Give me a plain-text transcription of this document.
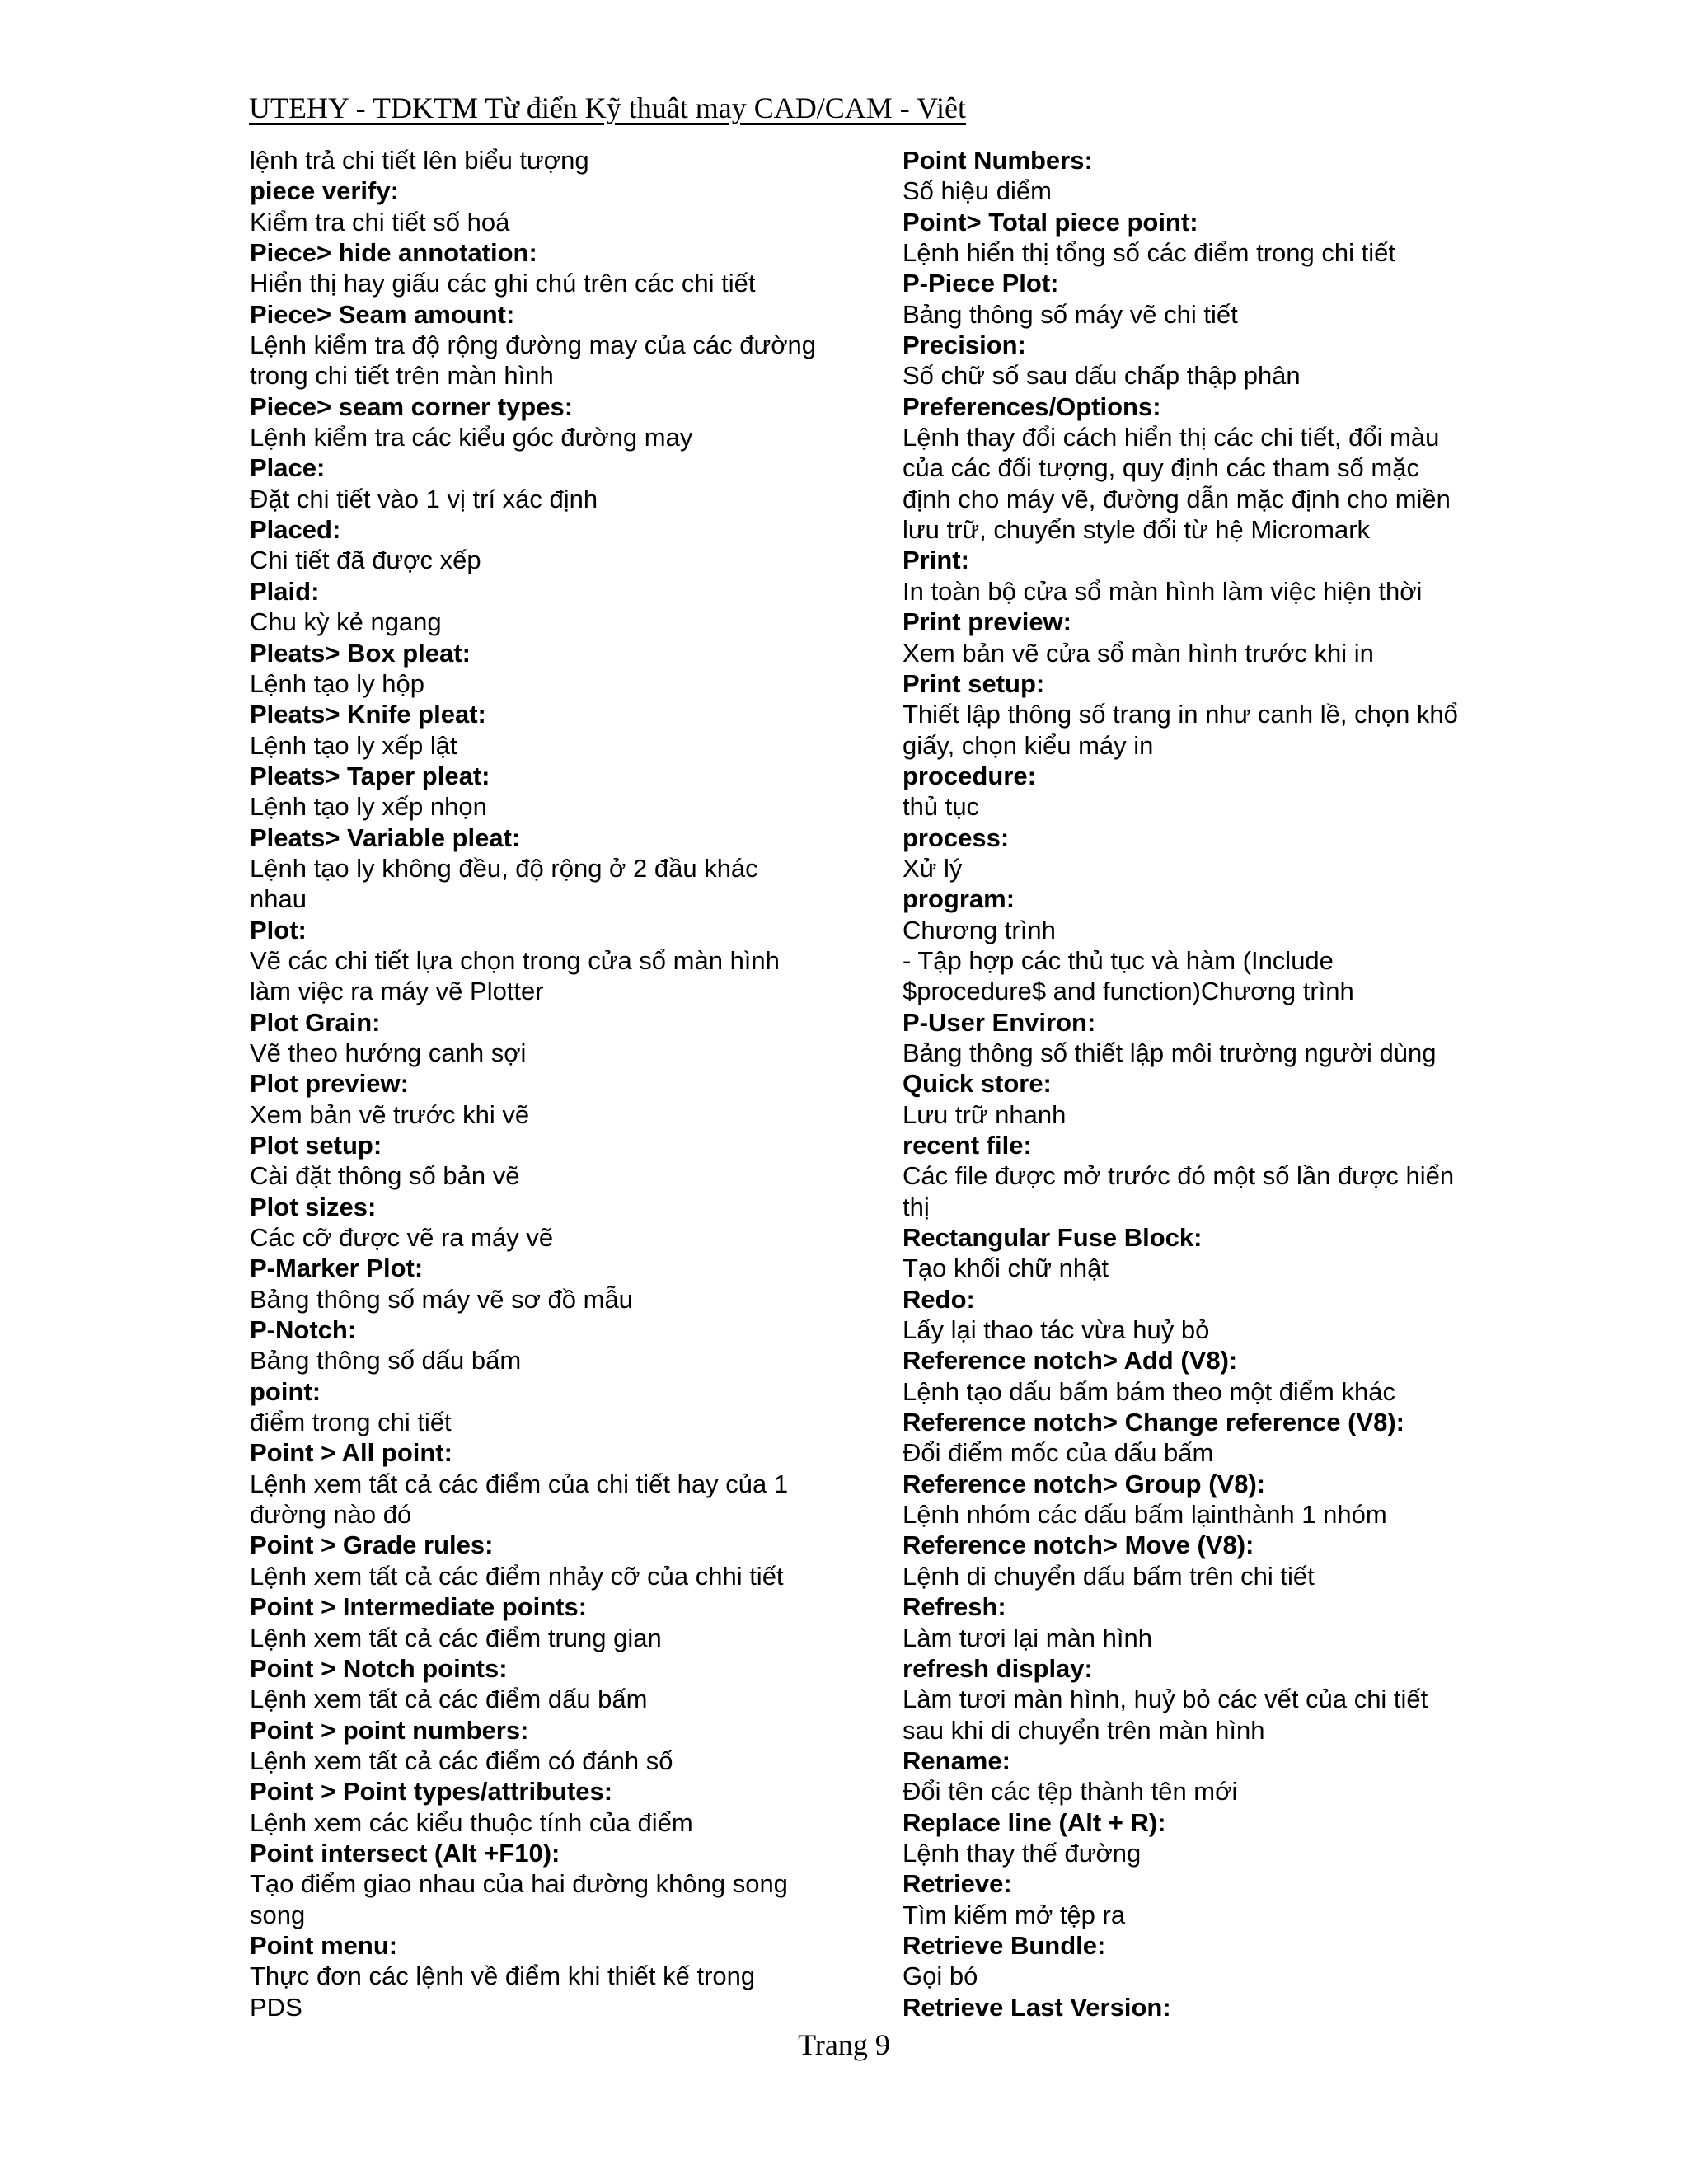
UTEHY - TDKTM Từ điển Kỹ thuât may CAD/CAM - Viêt
lệnh trả chi tiết lên biểu tượng
piece verify:
Kiểm tra chi tiết số hoá
Piece> hide annotation:
Hiển thị hay giấu các ghi chú trên các chi tiết
Piece> Seam amount:
Lệnh kiểm tra độ rộng đường may của các đường
trong chi tiết trên màn hình
Piece> seam corner types:
Lệnh kiểm tra các kiểu góc đường may
Place:
Đặt chi tiết vào 1 vị trí xác định
Placed:
Chi tiết đã được xếp
Plaid:
Chu kỳ kẻ ngang
Pleats> Box pleat:
Lệnh tạo ly hộp
Pleats> Knife pleat:
Lệnh tạo ly xếp lật
Pleats> Taper pleat:
Lệnh tạo ly xếp nhọn
Pleats> Variable pleat:
Lệnh tạo ly không đều, độ rộng ở 2 đầu khác
nhau
Plot:
Vẽ các chi tiết lựa chọn trong cửa sổ màn hình
làm việc ra máy vẽ Plotter
Plot Grain:
Vẽ theo hướng canh sợi
Plot preview:
Xem bản vẽ trước khi vẽ
Plot setup:
Cài đặt thông số bản vẽ
Plot sizes:
Các cỡ được vẽ ra máy vẽ
P-Marker Plot:
Bảng thông số máy vẽ sơ đồ mẫu
P-Notch:
Bảng thông số dấu bấm
point:
điểm trong chi tiết
Point > All point:
Lệnh xem tất cả các điểm của chi tiết hay của 1
đường nào đó
Point > Grade rules:
Lệnh xem tất cả các điểm nhảy cỡ của chhi tiết
Point > Intermediate points:
Lệnh xem tất cả các điểm trung gian
Point > Notch points:
Lệnh xem tất cả các điểm dấu bấm
Point > point numbers:
Lệnh xem tất cả các điểm có đánh số
Point > Point types/attributes:
Lệnh xem các kiểu thuộc tính của điểm
Point intersect (Alt +F10):
Tạo điểm giao nhau của hai đường không song
song
Point menu:
Thực đơn các lệnh về điểm khi thiết kế trong
PDS
Point Numbers:
Số hiệu diểm
Point> Total piece point:
Lệnh hiển thị tổng số các điểm trong chi tiết
P-Piece Plot:
Bảng thông số máy vẽ chi tiết
Precision:
Số chữ số sau dấu chấp thập phân
Preferences/Options:
Lệnh thay đổi cách hiển thị các chi tiết, đổi màu
của các đối tượng, quy định các tham số mặc
định cho máy vẽ, đường dẫn mặc định cho miền
lưu trữ, chuyển style đổi từ hệ Micromark
Print:
In toàn bộ cửa sổ màn hình làm việc hiện thời
Print preview:
Xem bản vẽ cửa sổ màn hình trước khi in
Print setup:
Thiết lập thông số trang in như canh lề, chọn khổ
giấy, chọn kiểu máy in
procedure:
thủ tục
process:
Xử lý
program:
Chương trình
- Tập hợp các thủ tục và hàm (Include
$procedure$ and function)Chương trình
P-User Environ:
Bảng thông số thiết lập môi trường người dùng
Quick store:
Lưu trữ nhanh
recent file:
Các file được mở trước đó một số lần được hiển
thị
Rectangular Fuse Block:
Tạo khối chữ nhật
Redo:
Lấy lại thao tác vừa huỷ bỏ
Reference notch> Add (V8):
Lệnh tạo dấu bấm bám theo một điểm khác
Reference notch> Change reference (V8):
Đổi điểm mốc của dấu bấm
Reference notch> Group (V8):
Lệnh nhóm các dấu bấm lạinthành 1 nhóm
Reference notch> Move (V8):
Lệnh di chuyển dấu bấm trên chi tiết
Refresh:
Làm tươi lại màn hình
refresh display:
Làm tươi màn hình, huỷ bỏ các vết của chi tiết
sau khi di chuyển trên màn hình
Rename:
Đổi tên các tệp thành tên mới
Replace line (Alt + R):
Lệnh thay thế đường
Retrieve:
Tìm kiếm mở tệp ra
Retrieve Bundle:
Gọi bó
Retrieve Last Version:
Trang 9
